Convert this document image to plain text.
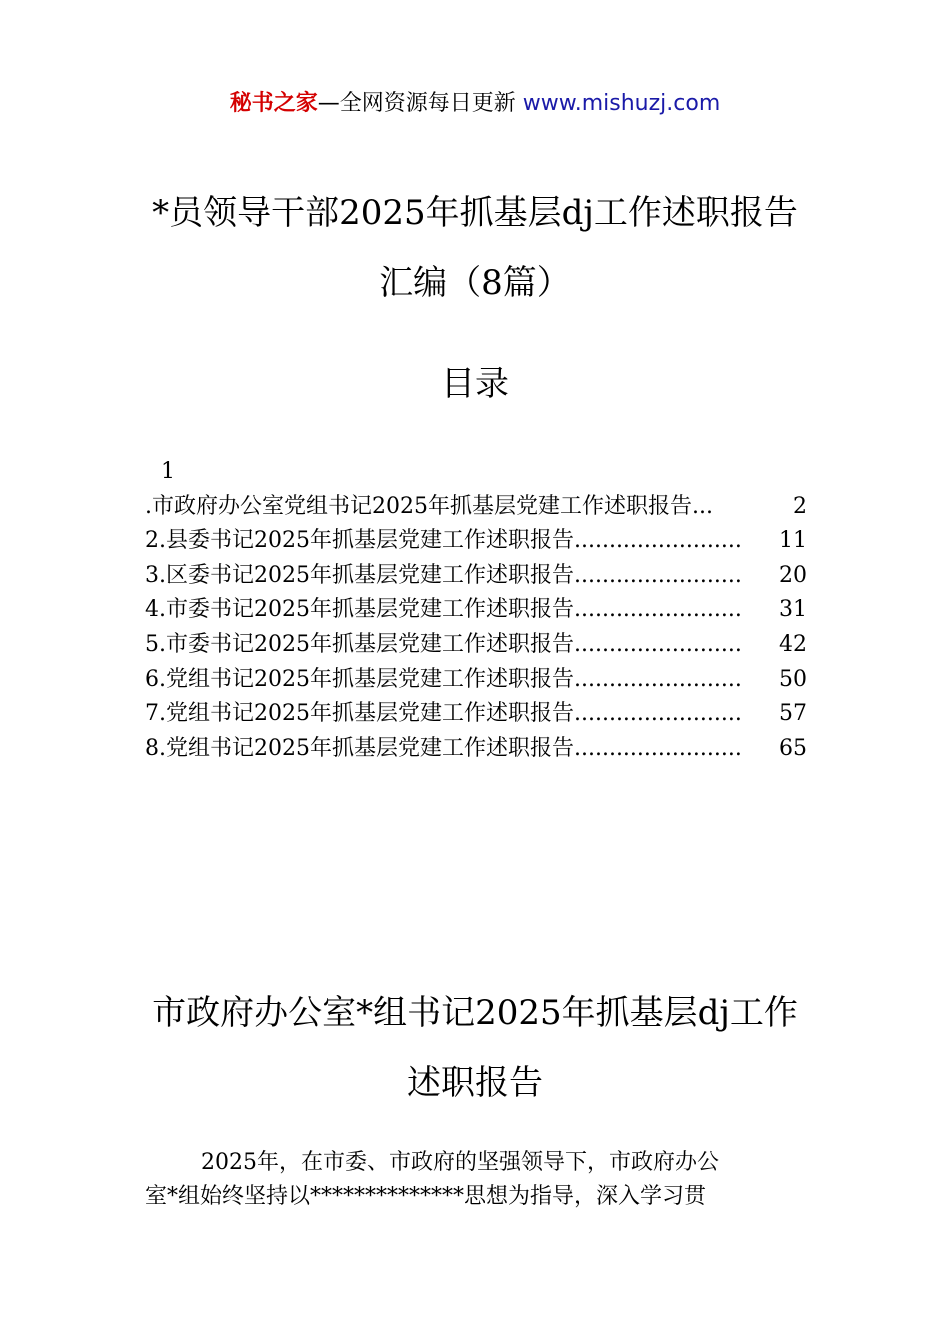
秘书之家—全网资源每日更新 www.mishuzj.com
*员领导干部2025年抓基层dj工作述职报告汇编（8篇）
目录
1
.市政府办公室党组书记2025年抓基层党建工作述职报告 ...	2
2.县委书记2025年抓基层党建工作述职报告 ........................	11
3.区委书记2025年抓基层党建工作述职报告 ........................	20
4.市委书记2025年抓基层党建工作述职报告 ........................	31
5.市委书记2025年抓基层党建工作述职报告 ........................	42
6.党组书记2025年抓基层党建工作述职报告 ........................	50
7.党组书记2025年抓基层党建工作述职报告 ........................	57
8.党组书记2025年抓基层党建工作述职报告 ........................	65
市政府办公室*组书记2025年抓基层dj工作述职报告
2025年，在市委、市政府的坚强领导下，市政府办公
室*组始终坚持以**************思想为指导，深入学习贯
